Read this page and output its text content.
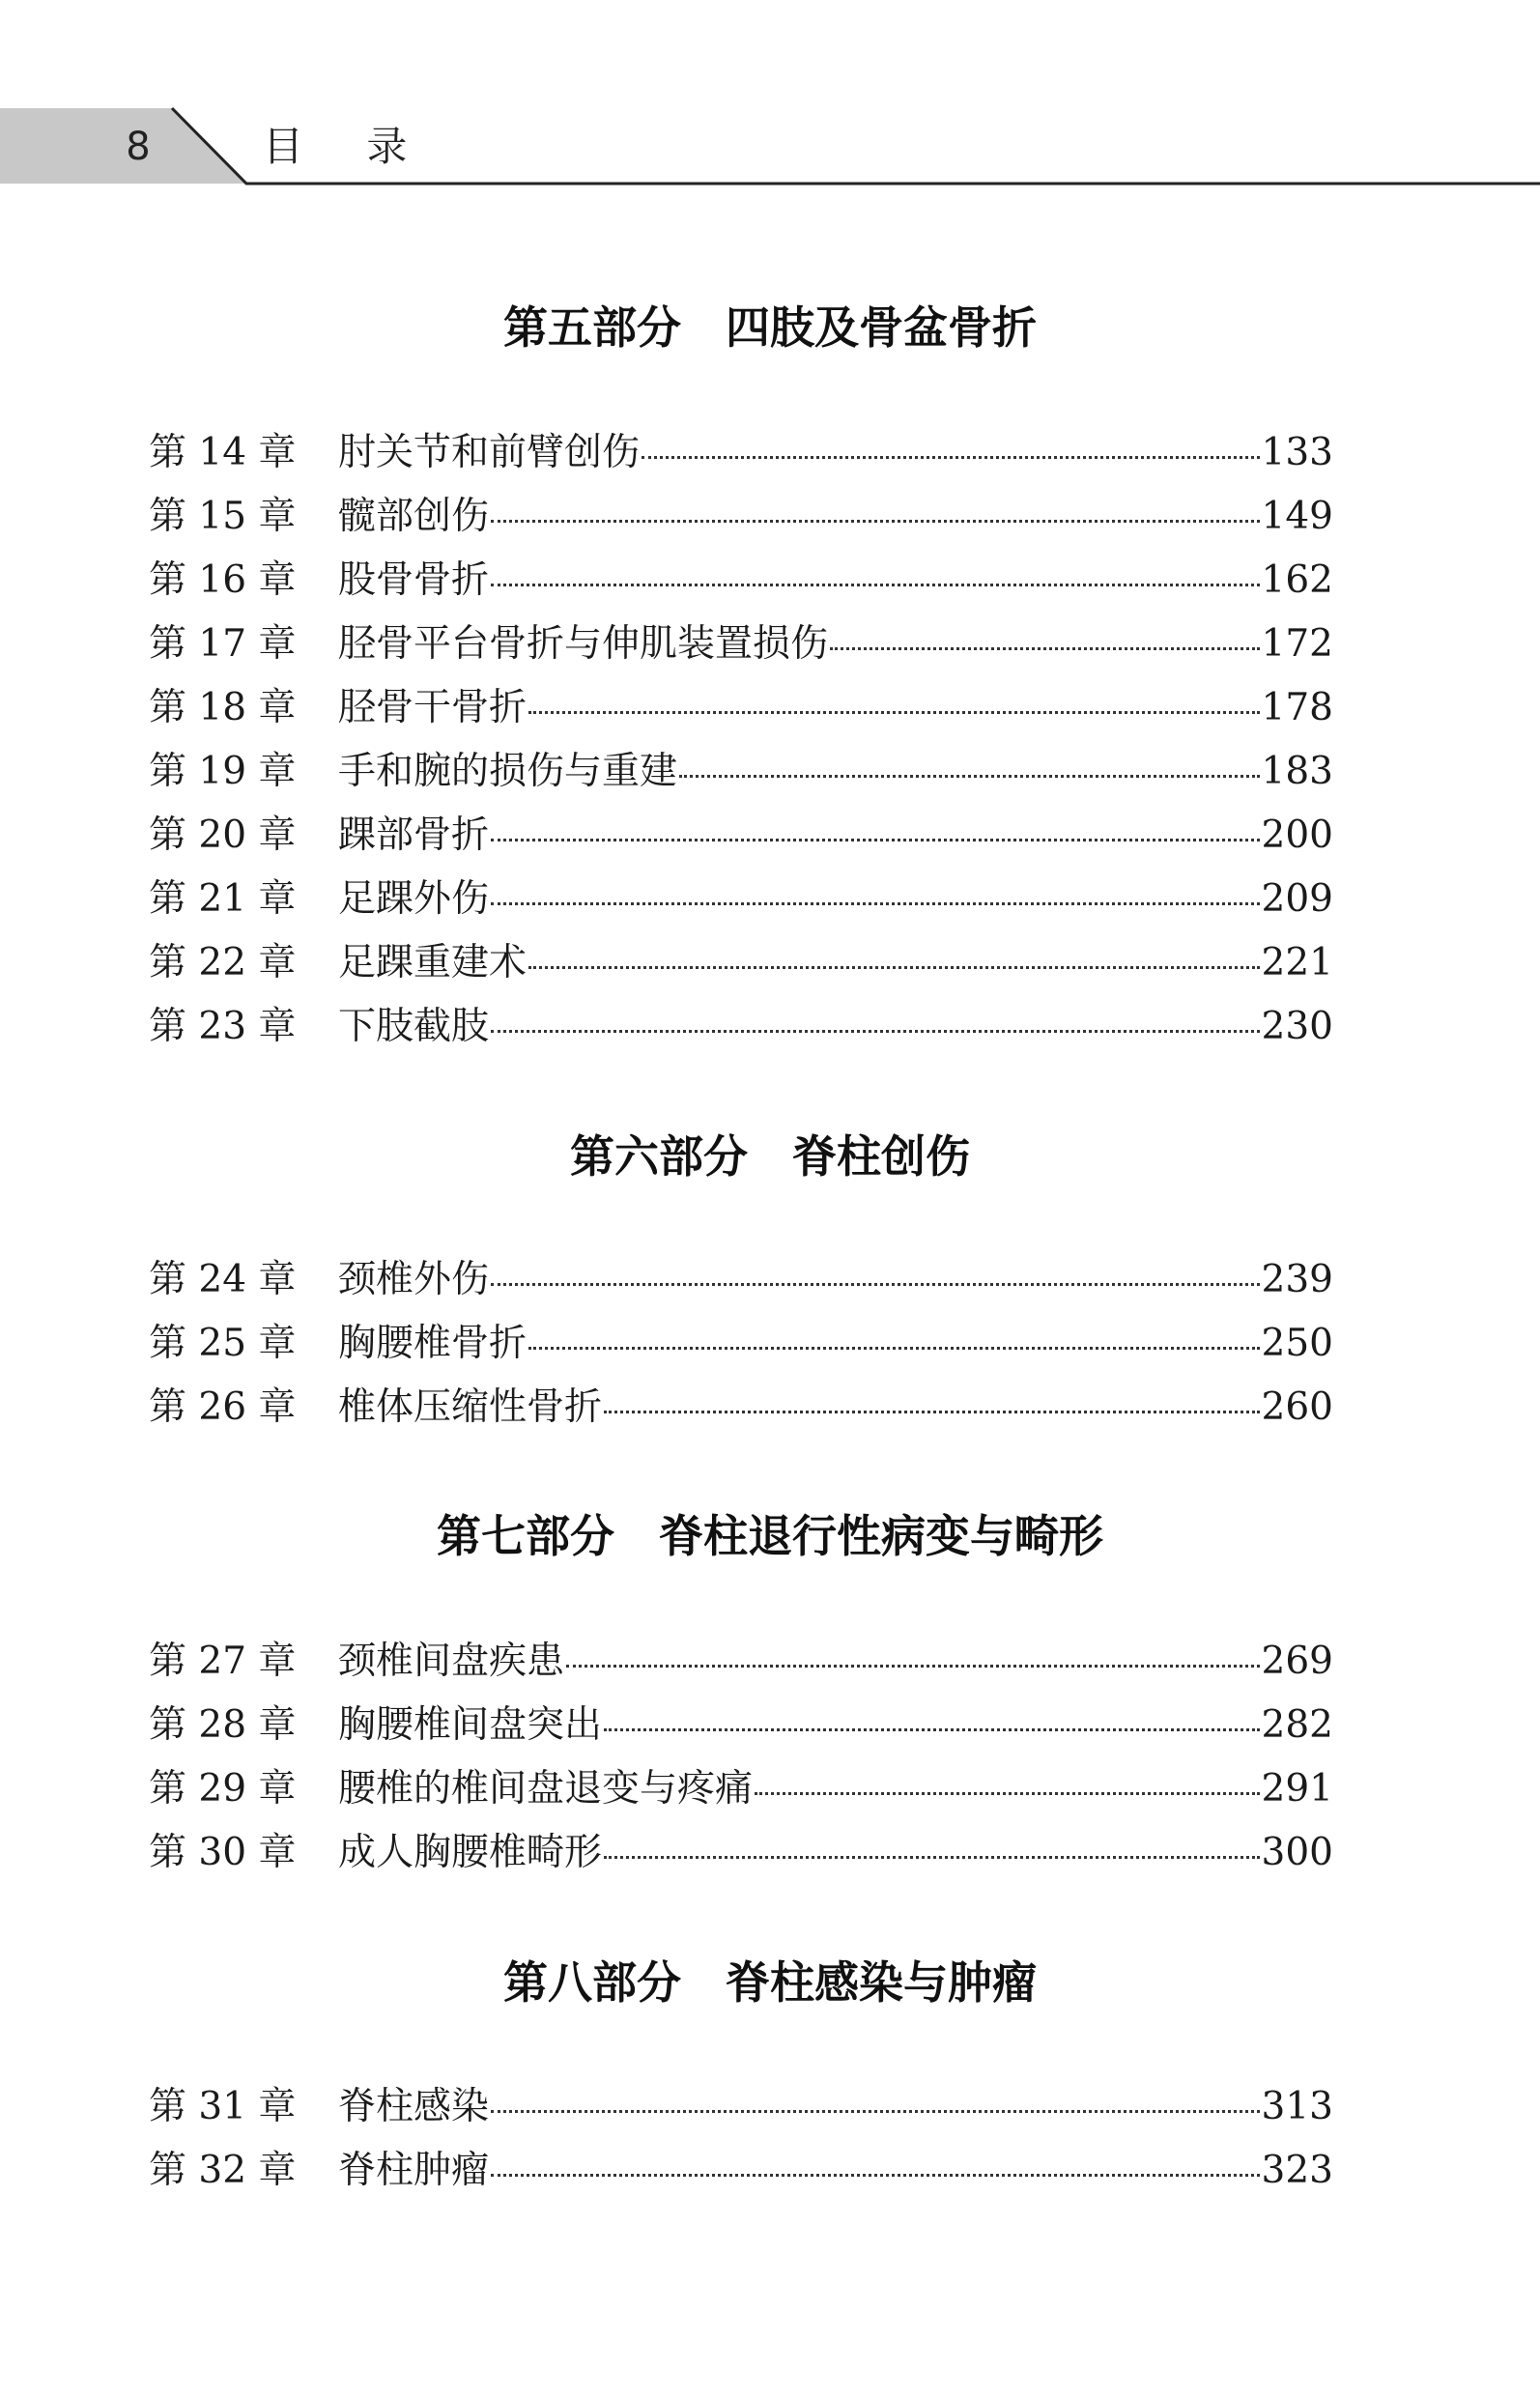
8	目 录
第五部分　四肢及骨盆骨折
第 14 章	肘关节和前臂创伤	133
第 15 章	髋部创伤	149
第 16 章	股骨骨折	162
第 17 章	胫骨平台骨折与伸肌装置损伤	172
第 18 章	胫骨干骨折	178
第 19 章	手和腕的损伤与重建	183
第 20 章	踝部骨折	200
第 21 章	足踝外伤	209
第 22 章	足踝重建术	221
第 23 章	下肢截肢	230
第六部分　脊柱创伤
第 24 章	颈椎外伤	239
第 25 章	胸腰椎骨折	250
第 26 章	椎体压缩性骨折	260
第七部分　脊柱退行性病变与畸形
第 27 章	颈椎间盘疾患	269
第 28 章	胸腰椎间盘突出	282
第 29 章	腰椎的椎间盘退变与疼痛	291
第 30 章	成人胸腰椎畸形	300
第八部分　脊柱感染与肿瘤
第 31 章	脊柱感染	313
第 32 章	脊柱肿瘤	323
